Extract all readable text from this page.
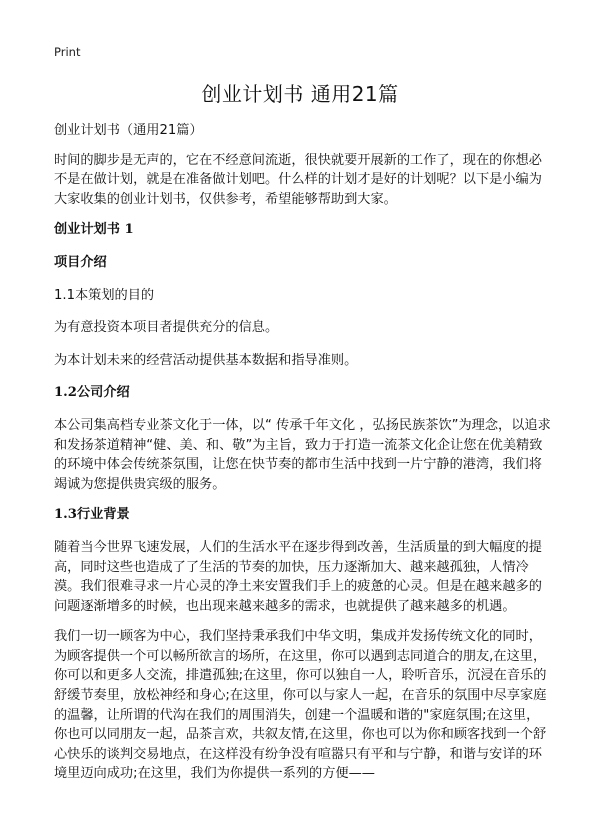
Print
创业计划书 通用21篇

创业计划书（通用21篇）

时间的脚步是无声的，它在不经意间流逝，很快就要开展新的工作了，现在的你想必不是在做计划，就是在准备做计划吧。什么样的计划才是好的计划呢？以下是小编为大家收集的创业计划书，仅供参考，希望能够帮助到大家。

创业计划书 1
项目介绍

1.1本策划的目的

为有意投资本项目者提供充分的信息。

为本计划未来的经营活动提供基本数据和指导准则。

1.2公司介绍

本公司集高档专业茶文化于一体，以“ 传承千年文化 ，弘扬民族茶饮”为理念，以追求和发扬茶道精神“健、美、和、敬”为主旨，致力于打造一流茶文化企让您在优美精致的环境中体会传统茶氛围，让您在快节奏的都市生活中找到一片宁静的港湾，我们将竭诚为您提供贵宾级的服务。

1.3行业背景

随着当今世界飞速发展，人们的生活水平在逐步得到改善，生活质量的到大幅度的提高，同时这些也造成了了生活的节奏的加快，压力逐渐加大、越来越孤独，人情冷漠。我们很难寻求一片心灵的净土来安置我们手上的疲惫的心灵。但是在越来越多的问题逐渐增多的时候，也出现来越来越多的需求，也就提供了越来越多的机遇。

我们一切一顾客为中心，我们坚持秉承我们中华文明，集成并发扬传统文化的同时，为顾客提供一个可以畅所欲言的场所，在这里，你可以遇到志同道合的朋友,在这里，你可以和更多人交流，排遣孤独;在这里，你可以独自一人，聆听音乐，沉浸在音乐的舒缓节奏里，放松神经和身心;在这里，你可以与家人一起，在音乐的氛围中尽享家庭的温馨，让所谓的代沟在我们的周围消失，创建一个温暖和谐的"家庭氛围;在这里，你也可以同朋友一起，品茶言欢，共叙友情,在这里，你也可以为你和顾客找到一个舒心快乐的谈判交易地点，在这样没有纷争没有喧嚣只有平和与宁静，和谐与安详的环境里迈向成功;在这里，我们为你提供一系列的方便——
